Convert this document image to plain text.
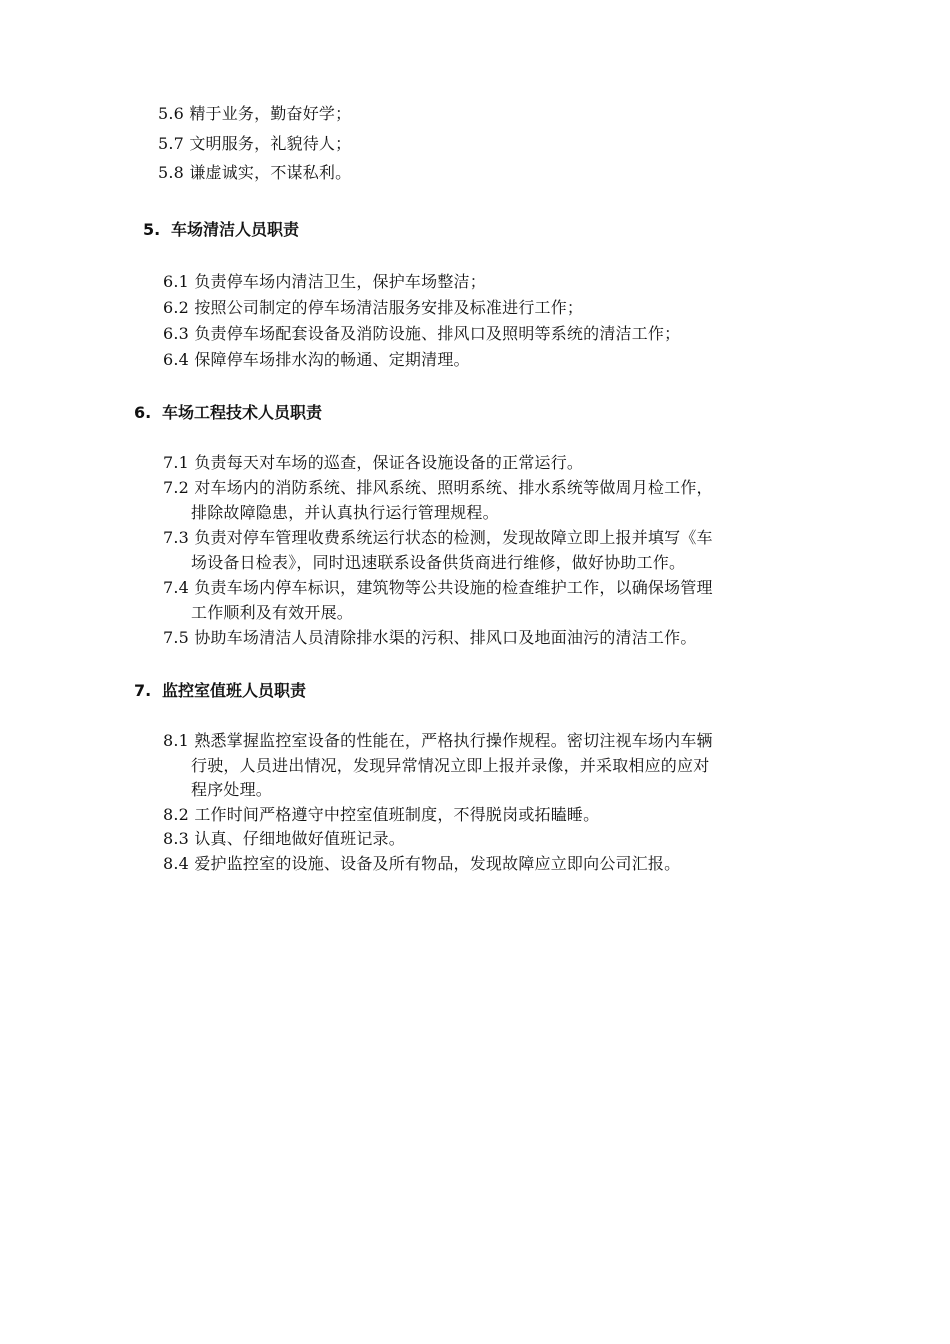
5.6 精于业务，勤奋好学；
5.7 文明服务，礼貌待人；
5.8 谦虚诚实，不谋私利。
5. 车场清洁人员职责
6.1 负责停车场内清洁卫生，保护车场整洁；
6.2 按照公司制定的停车场清洁服务安排及标准进行工作；
6.3 负责停车场配套设备及消防设施、排风口及照明等系统的清洁工作；
6.4 保障停车场排水沟的畅通、定期清理。
6. 车场工程技术人员职责
7.1 负责每天对车场的巡查，保证各设施设备的正常运行。
7.2 对车场内的消防系统、排风系统、照明系统、排水系统等做周月检工作，
排除故障隐患，并认真执行运行管理规程。
7.3 负责对停车管理收费系统运行状态的检测，发现故障立即上报并填写《车
场设备日检表》，同时迅速联系设备供货商进行维修，做好协助工作。
7.4 负责车场内停车标识，建筑物等公共设施的检查维护工作，以确保场管理
工作顺利及有效开展。
7.5 协助车场清洁人员清除排水渠的污积、排风口及地面油污的清洁工作。
7. 监控室值班人员职责
8.1 熟悉掌握监控室设备的性能在，严格执行操作规程。密切注视车场内车辆
行驶，人员进出情况，发现异常情况立即上报并录像，并采取相应的应对
程序处理。
8.2 工作时间严格遵守中控室值班制度，不得脱岗或拓瞌睡。
8.3 认真、仔细地做好值班记录。
8.4 爱护监控室的设施、设备及所有物品，发现故障应立即向公司汇报。
